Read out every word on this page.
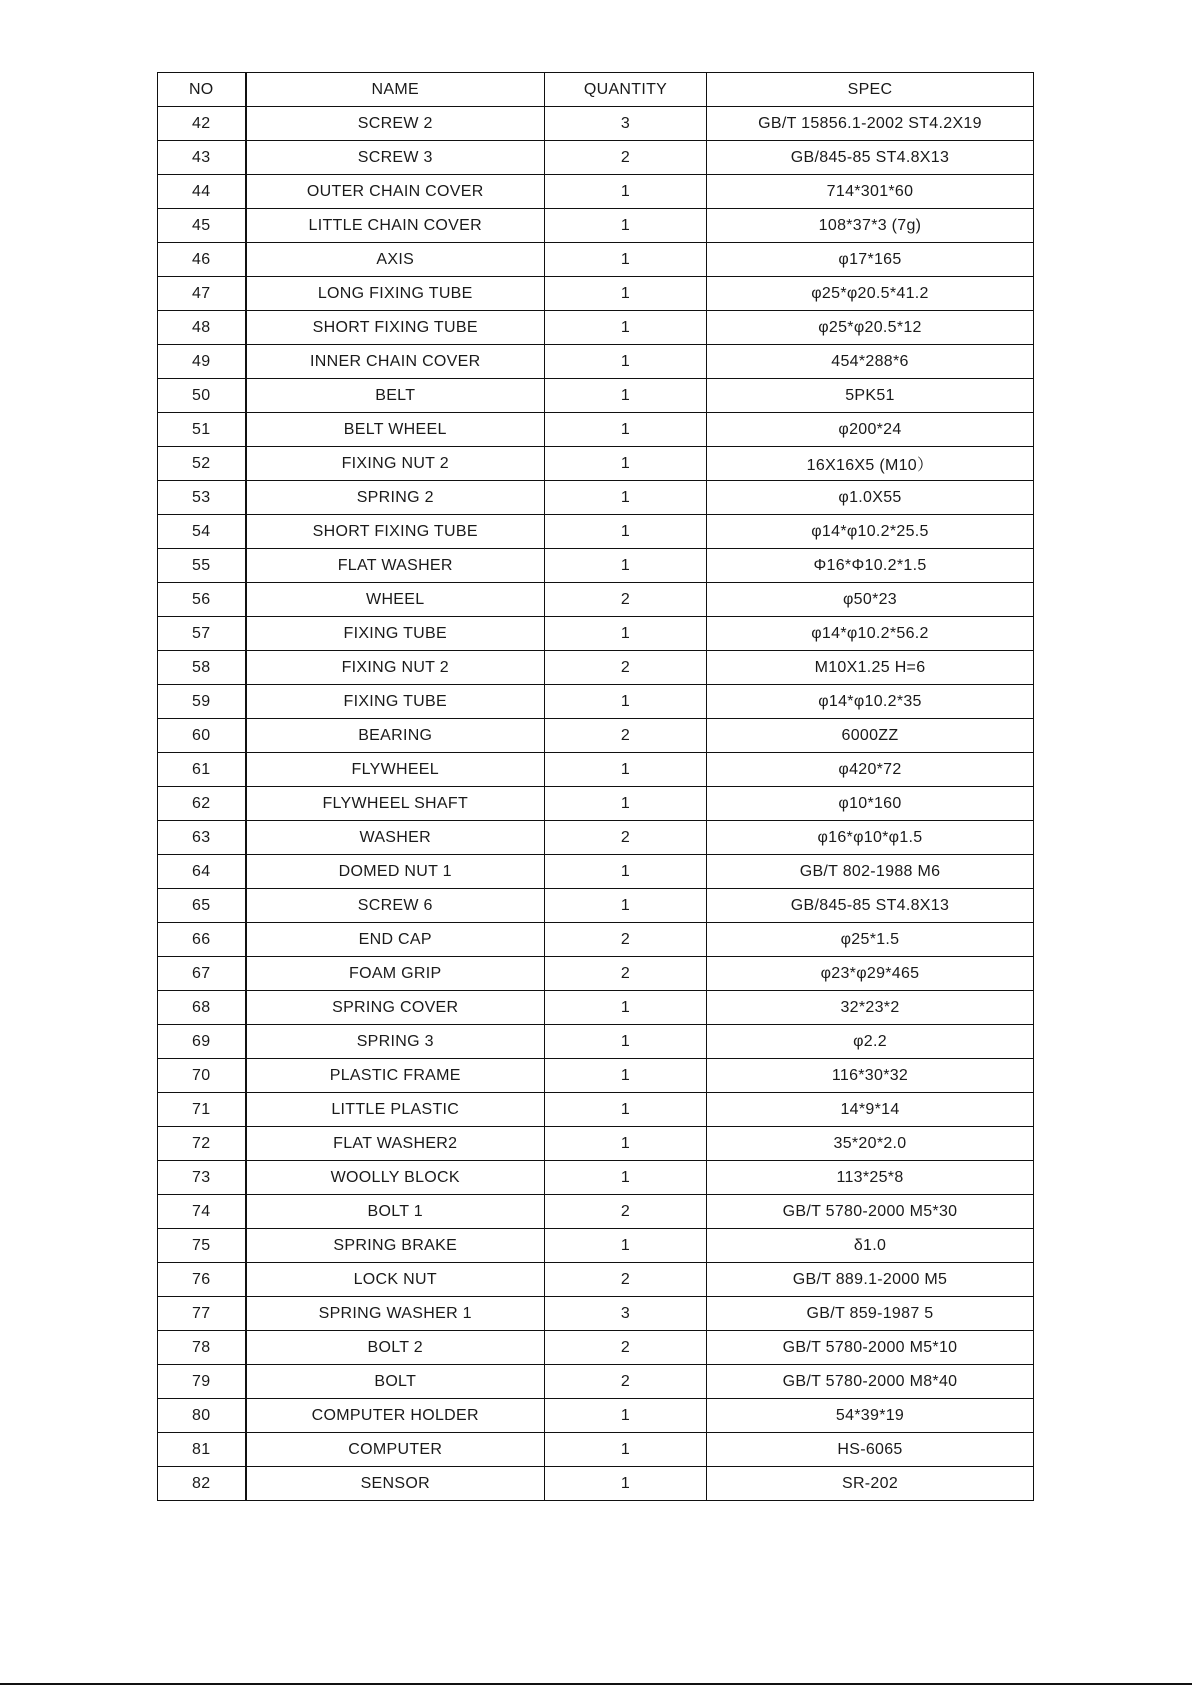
NO	NAME	QUANTITY	SPEC
42	SCREW 2	3	GB/T 15856.1-2002 ST4.2X19
43	SCREW 3	2	GB/845-85 ST4.8X13
44	OUTER CHAIN COVER	1	714*301*60
45	LITTLE CHAIN COVER	1	108*37*3 (7g)
46	AXIS	1	φ17*165
47	LONG FIXING TUBE	1	φ25*φ20.5*41.2
48	SHORT FIXING TUBE	1	φ25*φ20.5*12
49	INNER CHAIN COVER	1	454*288*6
50	BELT	1	5PK51
51	BELT WHEEL	1	φ200*24
52	FIXING NUT 2	1	16X16X5 (M10）
53	SPRING 2	1	φ1.0X55
54	SHORT FIXING TUBE	1	φ14*φ10.2*25.5
55	FLAT WASHER	1	Φ16*Φ10.2*1.5
56	WHEEL	2	φ50*23
57	FIXING TUBE	1	φ14*φ10.2*56.2
58	FIXING NUT 2	2	M10X1.25 H=6
59	FIXING TUBE	1	φ14*φ10.2*35
60	BEARING	2	6000ZZ
61	FLYWHEEL	1	φ420*72
62	FLYWHEEL SHAFT	1	φ10*160
63	WASHER	2	φ16*φ10*φ1.5
64	DOMED NUT 1	1	GB/T 802-1988 M6
65	SCREW 6	1	GB/845-85 ST4.8X13
66	END CAP	2	φ25*1.5
67	FOAM GRIP	2	φ23*φ29*465
68	SPRING COVER	1	32*23*2
69	SPRING 3	1	φ2.2
70	PLASTIC FRAME	1	116*30*32
71	LITTLE PLASTIC	1	14*9*14
72	FLAT WASHER2	1	35*20*2.0
73	WOOLLY BLOCK	1	113*25*8
74	BOLT 1	2	GB/T 5780-2000 M5*30
75	SPRING BRAKE	1	δ1.0
76	LOCK NUT	2	GB/T 889.1-2000 M5
77	SPRING WASHER 1	3	GB/T 859-1987 5
78	BOLT 2	2	GB/T 5780-2000 M5*10
79	BOLT	2	GB/T 5780-2000 M8*40
80	COMPUTER HOLDER	1	54*39*19
81	COMPUTER	1	HS-6065
82	SENSOR	1	SR-202
